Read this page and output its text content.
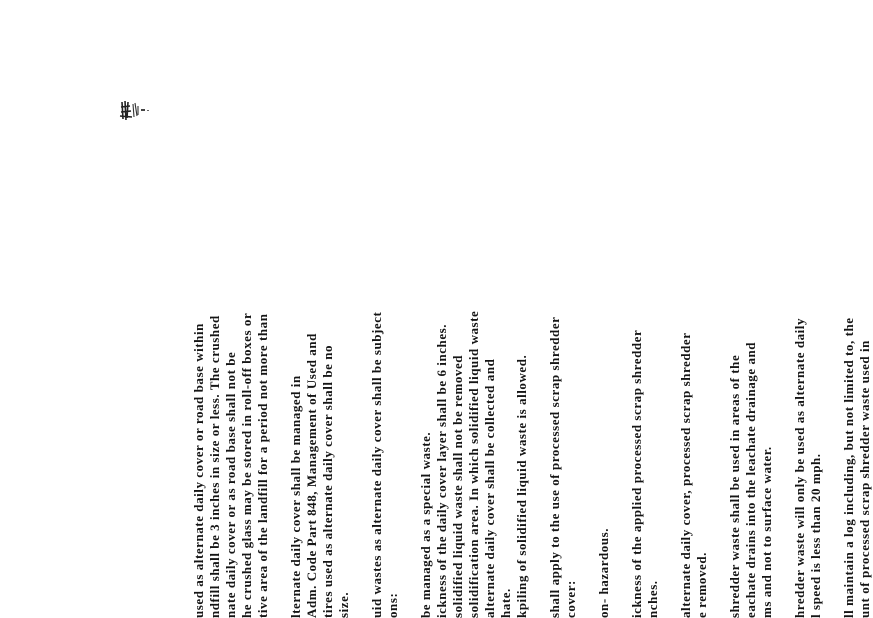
used as alternate daily cover or road base within ndfill shall be 3 inches in size or less. The crushed nate daily cover or as road base shall not be he crushed glass may be stored in roll-off boxes or tive area of the landfill for a period not more than lternate daily cover shall be managed in Adm. Code Part 848, Management of Used and tires used as alternate daily cover shall be no size. uid wastes as alternate daily cover shall be subject ons: be managed as a special waste. ickness of the daily cover layer shall be 6 inches. solidified liquid waste shall not be removed solidification area. In which solidified liquid waste alternate daily cover shall be collected and hate. kpiling of solidified liquid waste is allowed. shall apply to the use of processed scrap shredder cover: on- hazardous. ickness of the applied processed scrap shredder nches. alternate daily cover, processed scrap shredder e removed. shredder waste shall be used in areas of the eachate drains into the leachate drainage and ms and not to surface water. hredder waste will only be used as alternate daily l speed is less than 20 mph. ll maintain a log including, but not limited to, the unt of processed scrap shredder waste used in
